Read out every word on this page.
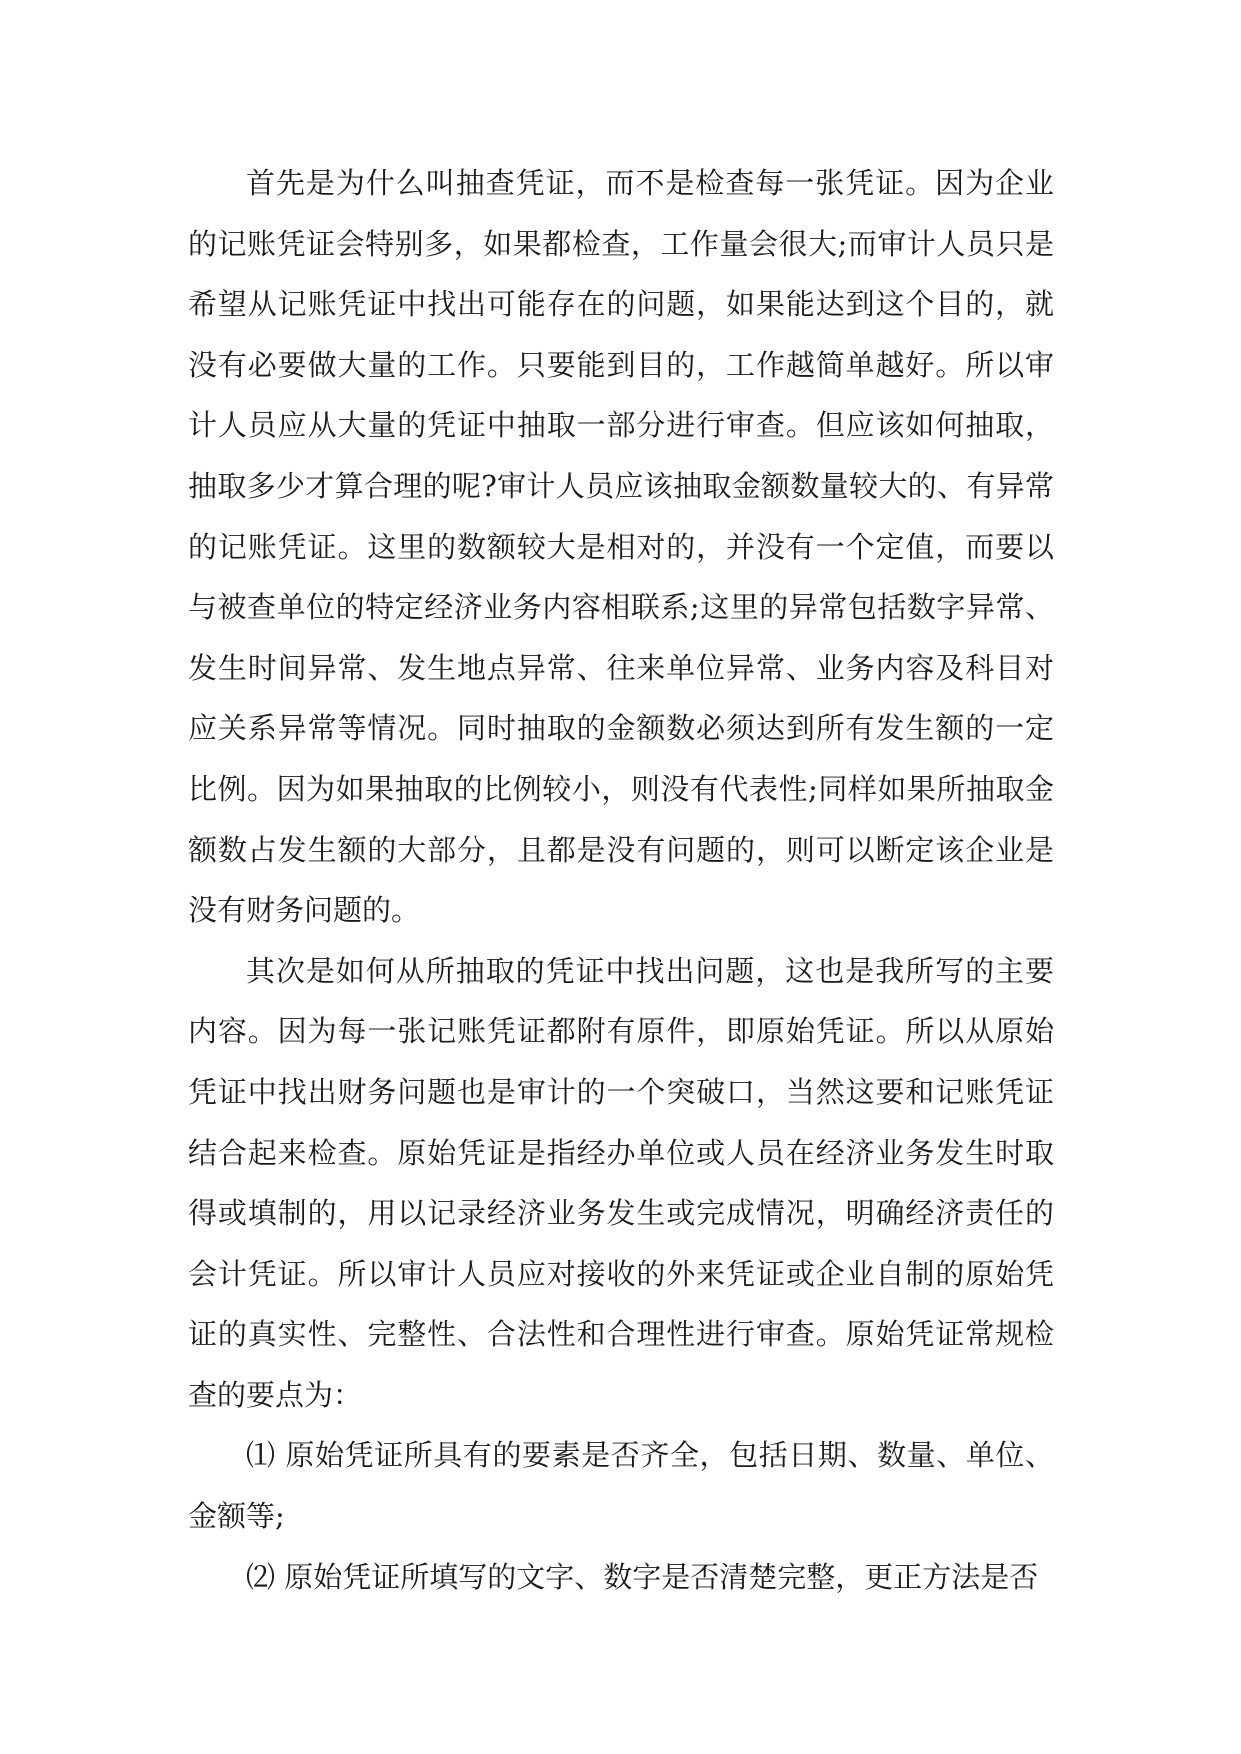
首先是为什么叫抽查凭证，而不是检查每一张凭证。因为企业的记账凭证会特别多，如果都检查，工作量会很大;而审计人员只是希望从记账凭证中找出可能存在的问题，如果能达到这个目的，就没有必要做大量的工作。只要能到目的，工作越简单越好。所以审计人员应从大量的凭证中抽取一部分进行审查。但应该如何抽取，抽取多少才算合理的呢?审计人员应该抽取金额数量较大的、有异常的记账凭证。这里的数额较大是相对的，并没有一个定值，而要以与被查单位的特定经济业务内容相联系;这里的异常包括数字异常、发生时间异常、发生地点异常、往来单位异常、业务内容及科目对应关系异常等情况。同时抽取的金额数必须达到所有发生额的一定比例。因为如果抽取的比例较小，则没有代表性;同样如果所抽取金额数占发生额的大部分，且都是没有问题的，则可以断定该企业是没有财务问题的。

其次是如何从所抽取的凭证中找出问题，这也是我所写的主要内容。因为每一张记账凭证都附有原件，即原始凭证。所以从原始凭证中找出财务问题也是审计的一个突破口，当然这要和记账凭证结合起来检查。原始凭证是指经办单位或人员在经济业务发生时取得或填制的，用以记录经济业务发生或完成情况，明确经济责任的会计凭证。所以审计人员应对接收的外来凭证或企业自制的原始凭证的真实性、完整性、合法性和合理性进行审查。原始凭证常规检查的要点为：

⑴ 原始凭证所具有的要素是否齐全，包括日期、数量、单位、金额等;

⑵ 原始凭证所填写的文字、数字是否清楚完整，更正方法是否
